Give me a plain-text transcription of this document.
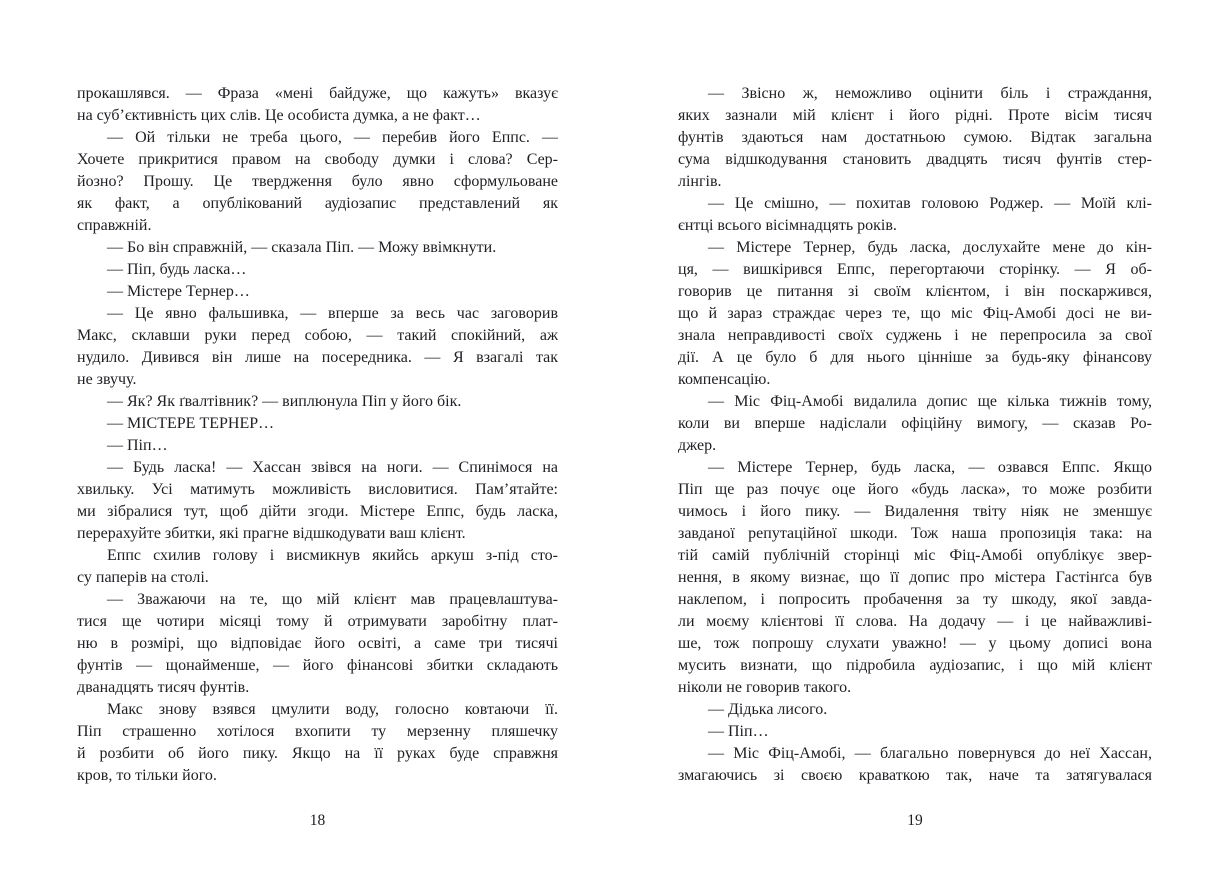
прокашлявся. — Фраза «мені байдуже, що кажуть» вказує
на суб’єктивність цих слів. Це особиста думка, а не факт…
— Ой тільки не треба цього, — перебив його Еппс. —
Хочете прикритися правом на свободу думки і слова? Сер-
йозно? Прошу. Це твердження було явно сформульоване
як факт, а опублікований аудіозапис представлений як
справжній.
— Бо він справжній, — сказала Піп. — Можу ввімкнути.
— Піп, будь ласка…
— Містере Тернер…
— Це явно фальшивка, — вперше за весь час заговорив
Макс, склавши руки перед собою, — такий спокійний, аж
нудило. Дивився він лише на посередника. — Я взагалі так
не звучу.
— Як? Як ґвалтівник? — виплюнула Піп у його бік.
— МІСТЕРЕ ТЕРНЕР…
— Піп…
— Будь ласка! — Хассан звівся на ноги. — Спинімося на
хвильку. Усі матимуть можливість висловитися. Пам’ятайте:
ми зібралися тут, щоб дійти згоди. Містере Еппс, будь ласка,
перерахуйте збитки, які прагне відшкодувати ваш клієнт.
Еппс схилив голову і висмикнув якийсь аркуш з-під сто-
су паперів на столі.
— Зважаючи на те, що мій клієнт мав працевлаштува-
тися ще чотири місяці тому й отримувати заробітну плат-
ню в розмірі, що відповідає його освіті, а саме три тисячі
фунтів — щонайменше, — його фінансові збитки складають
дванадцять тисяч фунтів.
Макс знову взявся цмулити воду, голосно ковтаючи її.
Піп страшенно хотілося вхопити ту мерзенну пляшечку
й розбити об його пику. Якщо на її руках буде справжня
кров, то тільки його.
18
— Звісно ж, неможливо оцінити біль і страждання,
яких зазнали мій клієнт і його рідні. Проте вісім тисяч
фунтів здаються нам достатньою сумою. Відтак загальна
сума відшкодування становить двадцять тисяч фунтів стер-
лінгів.
— Це смішно, — похитав головою Роджер. — Моїй клі-
єнтці всього вісімнадцять років.
— Містере Тернер, будь ласка, дослухайте мене до кін-
ця, — вишкірився Еппс, перегортаючи сторінку. — Я об-
говорив це питання зі своїм клієнтом, і він поскаржився,
що й зараз страждає через те, що міс Фіц-Амобі досі не ви-
знала неправдивості своїх суджень і не перепросила за свої
дії. А це було б для нього цінніше за будь-яку фінансову
компенсацію.
— Міс Фіц-Амобі видалила допис ще кілька тижнів тому,
коли ви вперше надіслали офіційну вимогу, — сказав Ро-
джер.
— Містере Тернер, будь ласка, — озвався Еппс. Якщо
Піп ще раз почує оце його «будь ласка», то може розбити
чимось і його пику. — Видалення твіту ніяк не зменшує
завданої репутаційної шкоди. Тож наша пропозиція така: на
тій самій публічній сторінці міс Фіц-Амобі опублікує звер-
нення, в якому визнає, що її допис про містера Гастінґса був
наклепом, і попросить пробачення за ту шкоду, якої завда-
ли моєму клієнтові її слова. На додачу — і це найважливі-
ше, тож попрошу слухати уважно! — у цьому дописі вона
мусить визнати, що підробила аудіозапис, і що мій клієнт
ніколи не говорив такого.
— Дідька лисого.
— Піп…
— Міс Фіц-Амобі, — благально повернувся до неї Хассан,
змагаючись зі своєю краваткою так, наче та затягувалася
19
